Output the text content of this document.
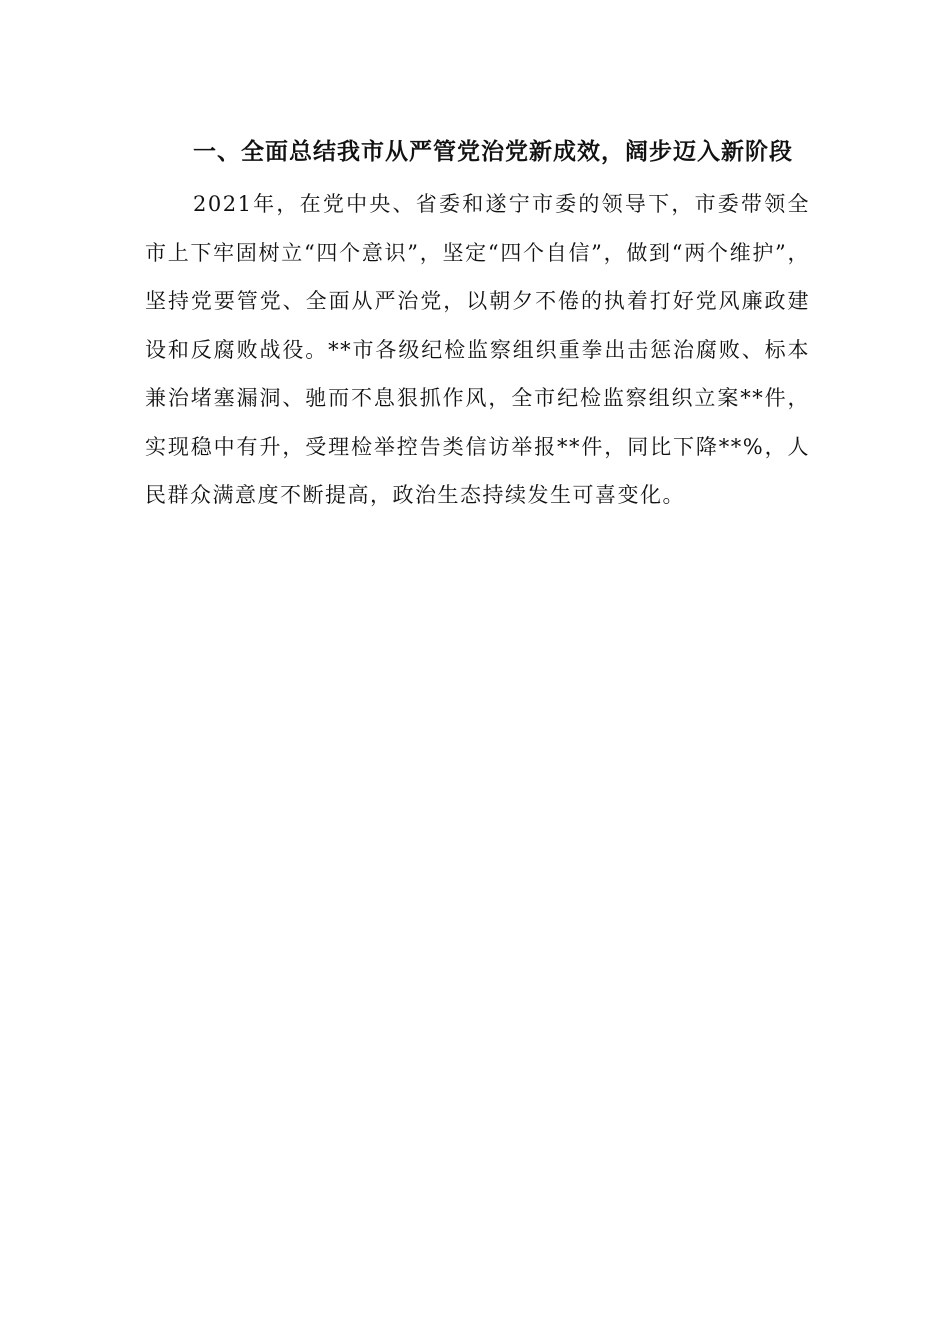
一、全面总结我市从严管党治党新成效，阔步迈入新阶段

2021年，在党中央、省委和遂宁市委的领导下，市委带领全市上下牢固树立“四个意识”，坚定“四个自信”，做到“两个维护”，坚持党要管党、全面从严治党，以朝夕不倦的执着打好党风廉政建设和反腐败战役。**市各级纪检监察组织重拳出击惩治腐败、标本兼治堵塞漏洞、驰而不息狠抓作风，全市纪检监察组织立案**件，实现稳中有升，受理检举控告类信访举报**件，同比下降**%，人民群众满意度不断提高，政治生态持续发生可喜变化。
